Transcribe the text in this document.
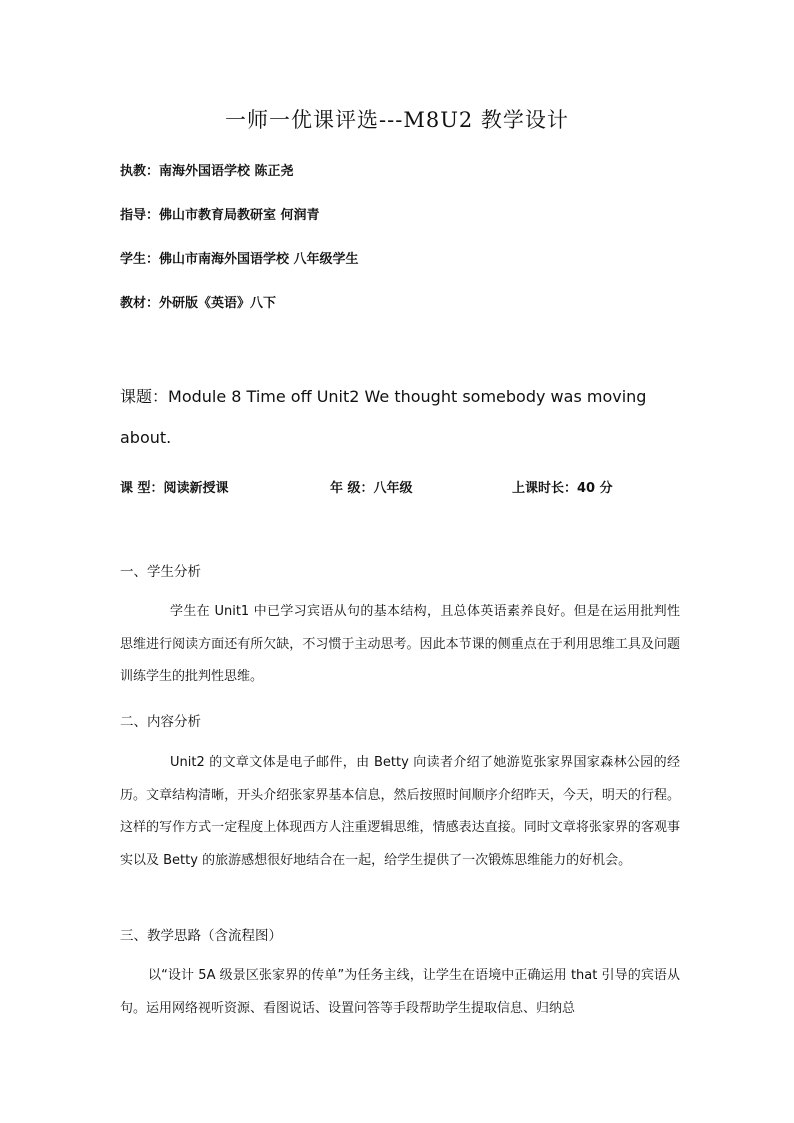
一师一优课评选---M8U2 教学设计
执教：南海外国语学校 陈正尧
指导：佛山市教育局教研室 何润青
学生：佛山市南海外国语学校 八年级学生
教材：外研版《英语》八下
课题：Module 8 Time off Unit2 We thought somebody was moving about.
课 型：阅读新授课	年 级：八年级	上课时长：40 分
一、学生分析
学生在 Unit1 中已学习宾语从句的基本结构，且总体英语素养良好。但是在运用批判性思维进行阅读方面还有所欠缺，不习惯于主动思考。因此本节课的侧重点在于利用思维工具及问题训练学生的批判性思维。
二、内容分析
Unit2 的文章文体是电子邮件，由 Betty 向读者介绍了她游览张家界国家森林公园的经历。文章结构清晰，开头介绍张家界基本信息，然后按照时间顺序介绍昨天，今天，明天的行程。这样的写作方式一定程度上体现西方人注重逻辑思维，情感表达直接。同时文章将张家界的客观事实以及 Betty 的旅游感想很好地结合在一起，给学生提供了一次锻炼思维能力的好机会。
三、教学思路（含流程图）
以“设计 5A 级景区张家界的传单”为任务主线，让学生在语境中正确运用 that 引导的宾语从句。运用网络视听资源、看图说话、设置问答等手段帮助学生提取信息、归纳总
